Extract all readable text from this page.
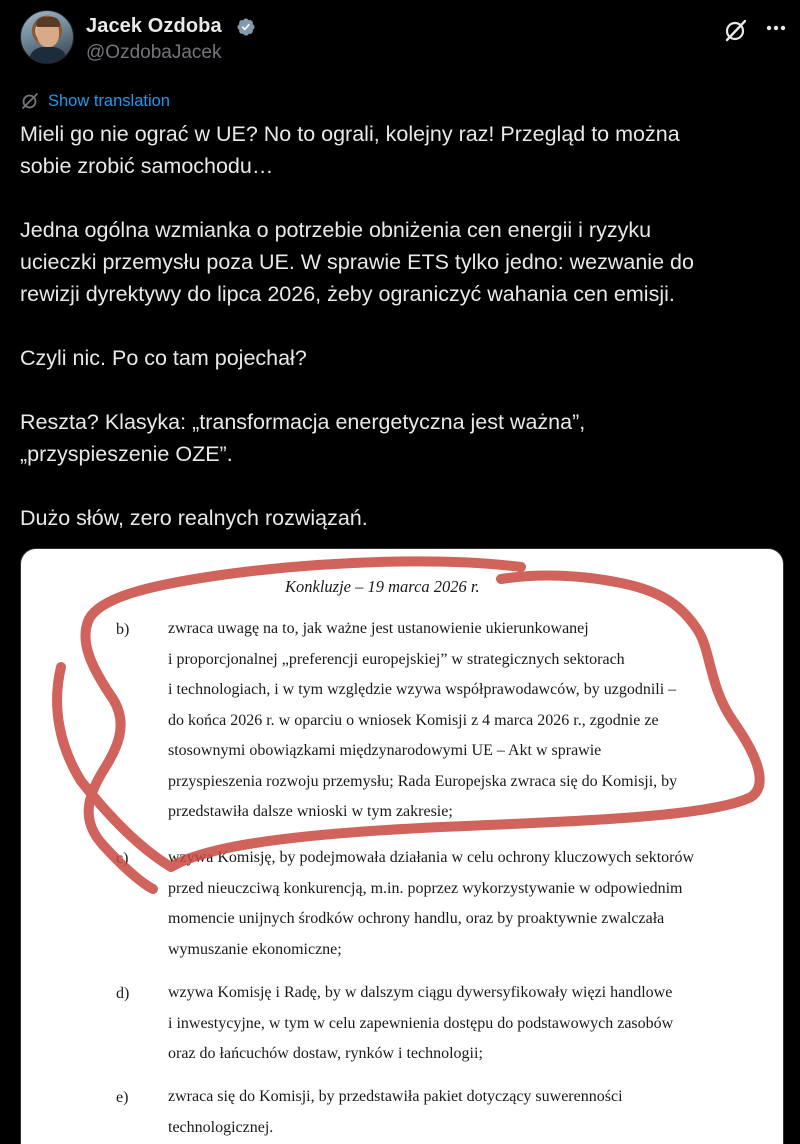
Jacek Ozdoba
@OzdobaJacek
Show translation

Mieli go nie ograć w UE? No to ograli, kolejny raz! Przegląd to można
sobie zrobić samochodu…

Jedna ogólna wzmianka o potrzebie obniżenia cen energii i ryzyku
ucieczki przemysłu poza UE. W sprawie ETS tylko jedno: wezwanie do
rewizji dyrektywy do lipca 2026, żeby ograniczyć wahania cen emisji.

Czyli nic. Po co tam pojechał?

Reszta? Klasyka: „transformacja energetyczna jest ważna”,
„przyspieszenie OZE”.

Dużo słów, zero realnych rozwiązań.

Konkluzje – 19 marca 2026 r.
b) zwraca uwagę na to, jak ważne jest ustanowienie ukierunkowanej
i proporcjonalnej „preferencji europejskiej” w strategicznych sektorach
i technologiach, i w tym względzie wzywa współprawodawców, by uzgodnili –
do końca 2026 r. w oparciu o wniosek Komisji z 4 marca 2026 r., zgodnie ze
stosownymi obowiązkami międzynarodowymi UE – Akt w sprawie
przyspieszenia rozwoju przemysłu; Rada Europejska zwraca się do Komisji, by
przedstawiła dalsze wnioski w tym zakresie;
c) wzywa Komisję, by podejmowała działania w celu ochrony kluczowych sektorów
przed nieuczciwą konkurencją, m.in. poprzez wykorzystywanie w odpowiednim
momencie unijnych środków ochrony handlu, oraz by proaktywnie zwalczała
wymuszanie ekonomiczne;
d) wzywa Komisję i Radę, by w dalszym ciągu dywersyfikowały więzi handlowe
i inwestycyjne, w tym w celu zapewnienia dostępu do podstawowych zasobów
oraz do łańcuchów dostaw, rynków i technologii;
e) zwraca się do Komisji, by przedstawiła pakiet dotyczący suwerenności
technologicznej.
